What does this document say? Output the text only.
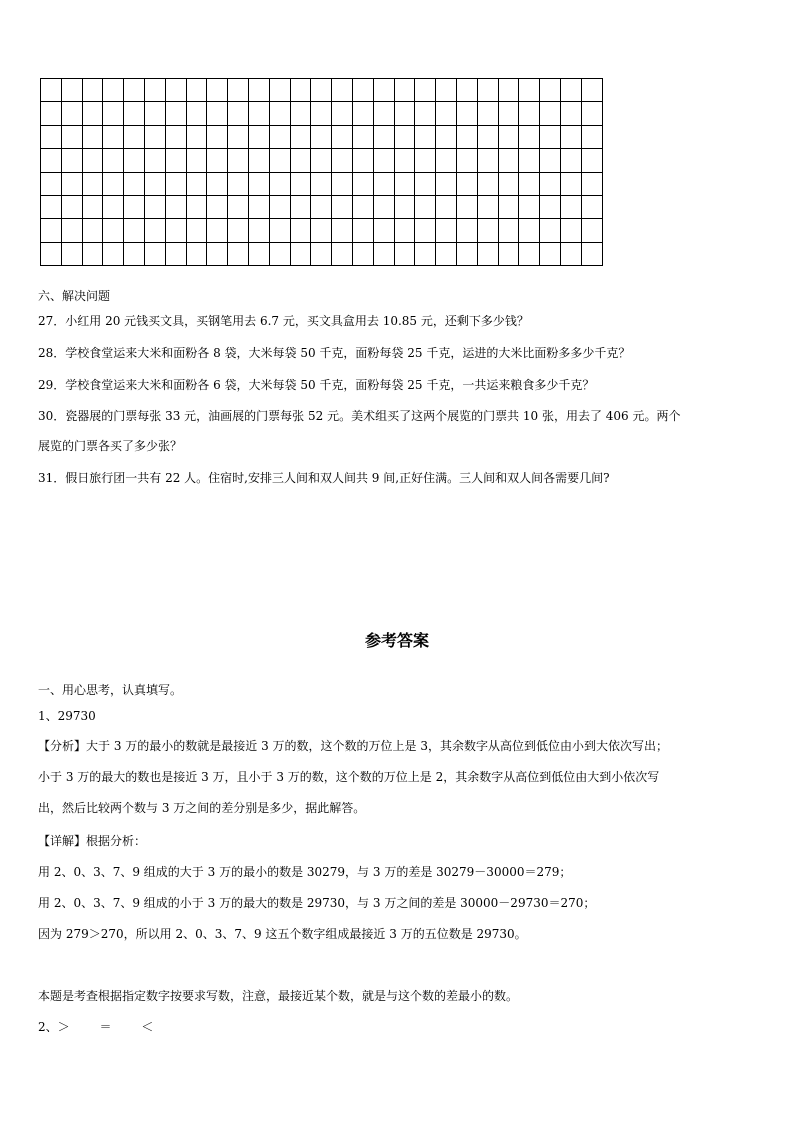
六、解决问题
27．小红用 20 元钱买文具，买钢笔用去 6.7 元，买文具盒用去 10.85 元，还剩下多少钱？
28．学校食堂运来大米和面粉各 8 袋，大米每袋 50 千克，面粉每袋 25 千克，运进的大米比面粉多多少千克？
29．学校食堂运来大米和面粉各 6 袋，大米每袋 50 千克，面粉每袋 25 千克，一共运来粮食多少千克？
30．瓷器展的门票每张 33 元，油画展的门票每张 52 元。美术组买了这两个展览的门票共 10 张，用去了 406 元。两个
展览的门票各买了多少张？
31．假日旅行团一共有 22 人。住宿时,安排三人间和双人间共 9 间,正好住满。三人间和双人间各需要几间?
参考答案
一、用心思考，认真填写。
1、29730
【分析】大于 3 万的最小的数就是最接近 3 万的数，这个数的万位上是 3，其余数字从高位到低位由小到大依次写出；
小于 3 万的最大的数也是接近 3 万，且小于 3 万的数，这个数的万位上是 2，其余数字从高位到低位由大到小依次写
出，然后比较两个数与 3 万之间的差分别是多少，据此解答。
【详解】根据分析：
用 2、0、3、7、9 组成的大于 3 万的最小的数是 30279，与 3 万的差是 30279－30000＝279；
用 2、0、3、7、9 组成的小于 3 万的最大的数是 29730，与 3 万之间的差是 30000－29730＝270；
因为 279＞270，所以用 2、0、3、7、9 这五个数字组成最接近 3 万的五位数是 29730。
本题是考查根据指定数字按要求写数，注意，最接近某个数，就是与这个数的差最小的数。
2、＞ ＝ ＜
